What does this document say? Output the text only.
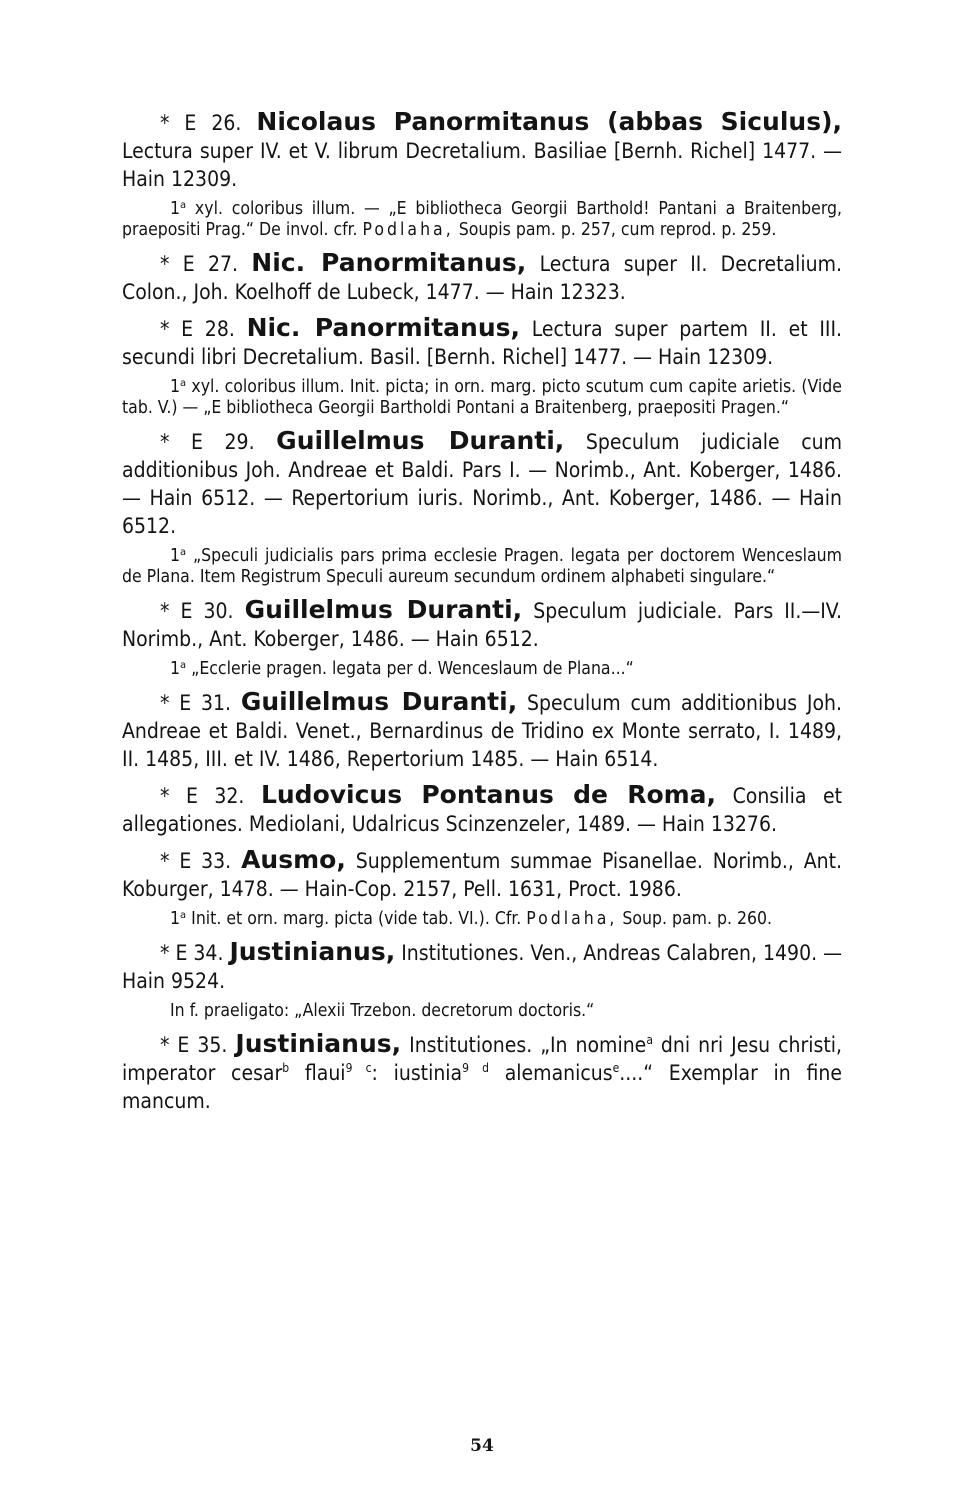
* E 26. Nicolaus Panormitanus (abbas Siculus), Lectura super IV. et V. librum Decretalium. Basiliae [Bernh. Richel] 1477. — Hain 12309.

1ᵃ xyl. coloribus illum. — „E bibliotheca Georgii Barthold! Pantani a Braitenberg, praepositi Prag.“ De invol. cfr. Podlaha, Soupis pam. p. 257, cum reprod. p. 259.

* E 27. Nic. Panormitanus, Lectura super II. Decretalium. Colon., Joh. Koelhoff de Lubeck, 1477. — Hain 12323.

* E 28. Nic. Panormitanus, Lectura super partem II. et III. secundi libri Decretalium. Basil. [Bernh. Richel] 1477. — Hain 12309.

1ᵃ xyl. coloribus illum. Init. picta; in orn. marg. picto scutum cum capite arietis. (Vide tab. V.) — „E bibliotheca Georgii Bartholdi Pontani a Braitenberg, praepositi Pragen.“

* E 29. Guillelmus Duranti, Speculum judiciale cum additionibus Joh. Andreae et Baldi. Pars I. — Norimb., Ant. Koberger, 1486. — Hain 6512. — Repertorium iuris. Norimb., Ant. Koberger, 1486. — Hain 6512.

1ᵃ „Speculi judicialis pars prima ecclesie Pragen. legata per doctorem Wenceslaum de Plana. Item Registrum Speculi aureum secundum ordinem alphabeti singulare.“

* E 30. Guillelmus Duranti, Speculum judiciale. Pars II.—IV. Norimb., Ant. Koberger, 1486. — Hain 6512.

1ᵃ „Ecclerie pragen. legata per d. Wenceslaum de Plana...“

* E 31. Guillelmus Duranti, Speculum cum additionibus Joh. Andreae et Baldi. Venet., Bernardinus de Tridino ex Monte serrato, I. 1489, II. 1485, III. et IV. 1486, Repertorium 1485. — Hain 6514.

* E 32. Ludovicus Pontanus de Roma, Consilia et allegationes. Mediolani, Udalricus Scinzenzeler, 1489. — Hain 13276.

* E 33. Ausmo, Supplementum summae Pisanellae. Norimb., Ant. Koburger, 1478. — Hain-Cop. 2157, Pell. 1631, Proct. 1986.

1ᵃ Init. et orn. marg. picta (vide tab. VI.). Cfr. Podlaha, Soup. pam. p. 260.

* E 34. Justinianus, Institutiones. Ven., Andreas Calabren, 1490. — Hain 9524.

In f. praeligato: „Alexii Trzebon. decretorum doctoris.“

* E 35. Justinianus, Institutiones. „In nomine$^a$ dni nri Jesu christi, imperator cesar$^b$ flaui$^{9 c}$: iustinia$^{9 d}$ alemanicus$^e$....“ Exemplar in fine mancum.

54
